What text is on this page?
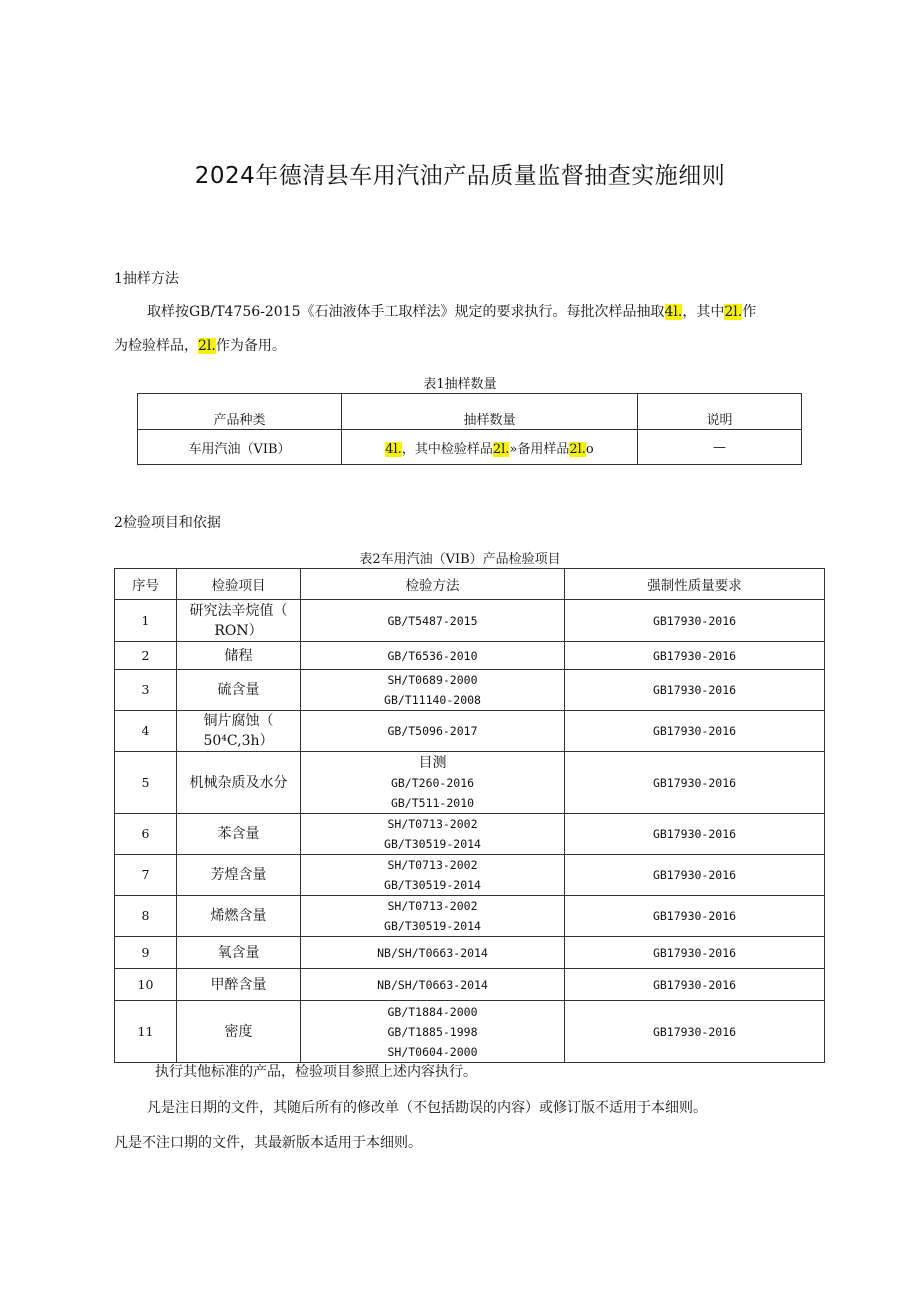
2024年德清县车用汽油产品质量监督抽查实施细则
1抽样方法
取样按GB/T4756-2015《石油液体手工取样法》规定的要求执行。每批次样品抽取4l.，其中2l.作
为检验样品，2l.作为备用。
表1抽样数量
产品种类	抽样数量	说明
车用汽油（VIB）	4l.，其中检验样品2l.»备用样品2l.o	—
2检验项目和依据
表2车用汽油（VIB）产品检验项目
序号	检验项目	检验方法	强制性质量要求
1	研究法辛烷值（
RON）	GB/T5487-2015	GB17930-2016
2	储程	GB/T6536-2010	GB17930-2016
3	硫含量	SH/T0689-2000
GB/T11140-2008	GB17930-2016
4	铜片腐蚀（
50⁴C,3h）	GB/T5096-2017	GB17930-2016
5	机械杂质及水分	目测
GB/T260-2016
GB/T511-2010	GB17930-2016
6	苯含量	SH/T0713-2002
GB/T30519-2014	GB17930-2016
7	芳煌含量	SH/T0713-2002
GB/T30519-2014	GB17930-2016
8	烯燃含量	SH/T0713-2002
GB/T30519-2014	GB17930-2016
9	氧含量	NB/SH/T0663-2014	GB17930-2016
10	甲醉含量	NB/SH/T0663-2014	GB17930-2016
11	密度	GB/T1884-2000
GB/T1885-1998
SH/T0604-2000	GB17930-2016
执行其他标准的产品，检验项目参照上述内容执行。
凡是注日期的文件，其随后所有的修改单（不包括勘误的内容）或修订版不适用于本细则。
凡是不注口期的文件，其最新版本适用于本细则。
